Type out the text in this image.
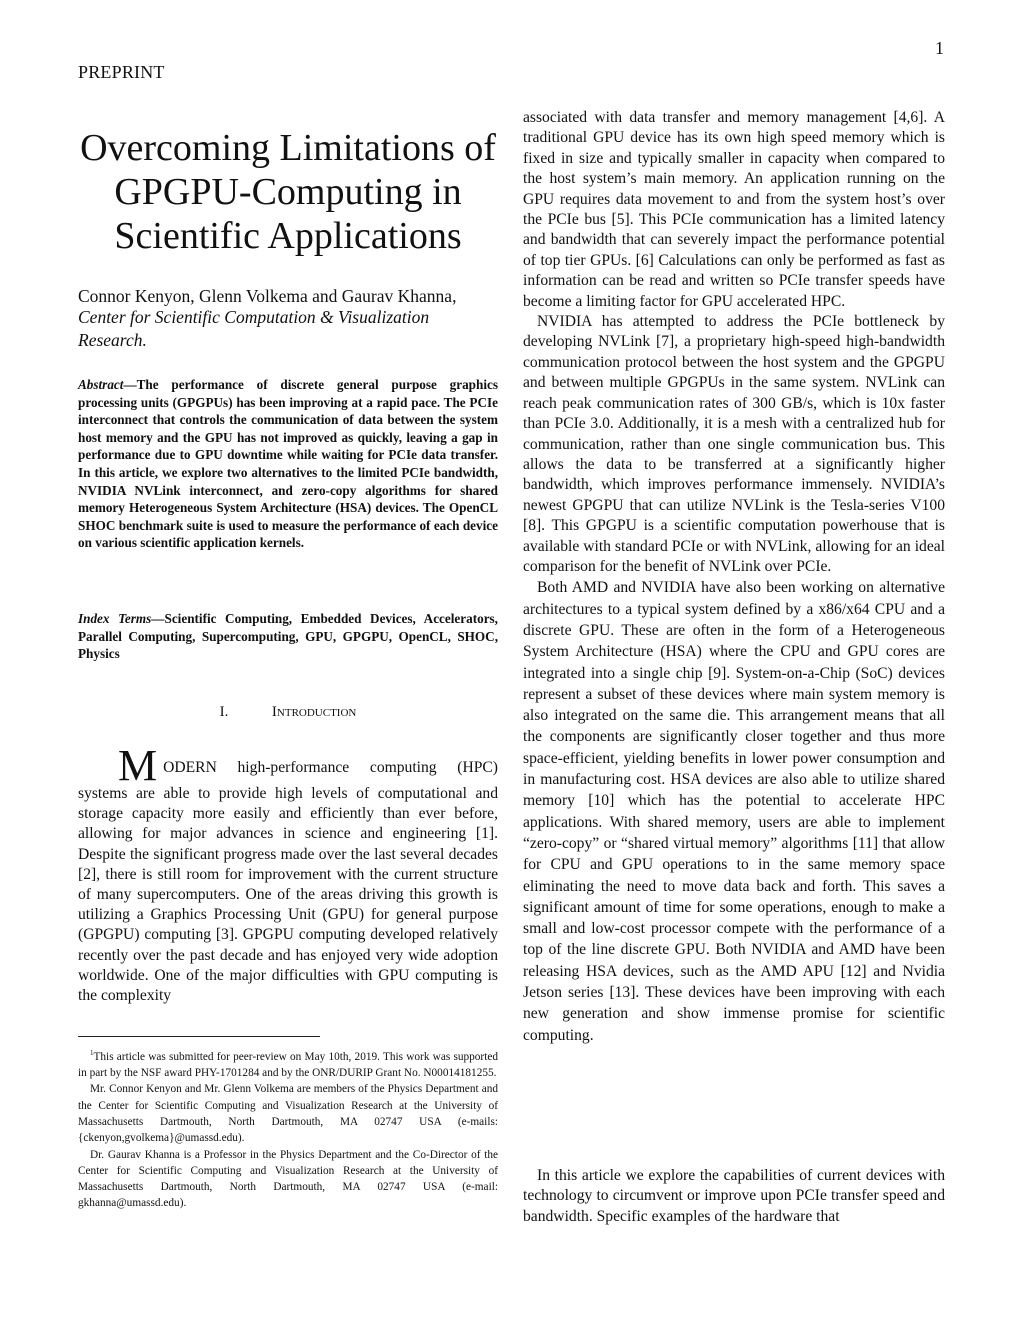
1
PREPRINT
Overcoming Limitations of GPGPU-Computing in Scientific Applications
Connor Kenyon, Glenn Volkema and Gaurav Khanna,
Center for Scientific Computation & Visualization Research.
Abstract—The performance of discrete general purpose graphics processing units (GPGPUs) has been improving at a rapid pace. The PCIe interconnect that controls the communication of data between the system host memory and the GPU has not improved as quickly, leaving a gap in performance due to GPU downtime while waiting for PCIe data transfer. In this article, we explore two alternatives to the limited PCIe bandwidth, NVIDIA NVLink interconnect, and zero-copy algorithms for shared memory Heterogeneous System Architecture (HSA) devices. The OpenCL SHOC benchmark suite is used to measure the performance of each device on various scientific application kernels.
Index Terms—Scientific Computing, Embedded Devices, Accelerators, Parallel Computing, Supercomputing, GPU, GPGPU, OpenCL, SHOC, Physics
I.	Introduction
M ODERN high-performance computing (HPC)
systems are able to provide high levels of computational and storage capacity more easily and efficiently than ever before, allowing for major advances in science and engineering [1]. Despite the significant progress made over the last several decades [2], there is still room for improvement with the current structure of many supercomputers. One of the areas driving this growth is utilizing a Graphics Processing Unit (GPU) for general purpose (GPGPU) computing [3]. GPGPU computing developed relatively recently over the past decade and has enjoyed very wide adoption worldwide. One of the major difficulties with GPU computing is the complexity

$^1$This article was submitted for peer-review on May 10th, 2019. This work was supported in part by the NSF award PHY-1701284 and by the ONR/DURIP Grant No. N00014181255.

Mr. Connor Kenyon and Mr. Glenn Volkema are members of the Physics Department and the Center for Scientific Computing and Visualization Research at the University of Massachusetts Dartmouth, North Dartmouth, MA 02747 USA (e-mails: {ckenyon,gvolkema}@umassd.edu).

Dr. Gaurav Khanna is a Professor in the Physics Department and the Co-Director of the Center for Scientific Computing and Visualization Research at the University of Massachusetts Dartmouth, North Dartmouth, MA 02747 USA (e-mail: gkhanna@umassd.edu).

associated with data transfer and memory management [4,6]. A traditional GPU device has its own high speed memory which is fixed in size and typically smaller in capacity when compared to the host system’s main memory. An application running on the GPU requires data movement to and from the system host’s over the PCIe bus [5]. This PCIe communication has a limited latency and bandwidth that can severely impact the performance potential of top tier GPUs. [6] Calculations can only be performed as fast as information can be read and written so PCIe transfer speeds have become a limiting factor for GPU accelerated HPC.

NVIDIA has attempted to address the PCIe bottleneck by developing NVLink [7], a proprietary high-speed high-bandwidth communication protocol between the host system and the GPGPU and between multiple GPGPUs in the same system. NVLink can reach peak communication rates of 300 GB/s, which is 10x faster than PCIe 3.0. Additionally, it is a mesh with a centralized hub for communication, rather than one single communication bus. This allows the data to be transferred at a significantly higher bandwidth, which improves performance immensely. NVIDIA’s newest GPGPU that can utilize NVLink is the Tesla-series V100 [8]. This GPGPU is a scientific computation powerhouse that is available with standard PCIe or with NVLink, allowing for an ideal comparison for the benefit of NVLink over PCIe.

Both AMD and NVIDIA have also been working on alternative architectures to a typical system defined by a x86/x64 CPU and a discrete GPU. These are often in the form of a Heterogeneous System Architecture (HSA) where the CPU and GPU cores are integrated into a single chip [9]. System-on-a-Chip (SoC) devices represent a subset of these devices where main system memory is also integrated on the same die. This arrangement means that all the components are significantly closer together and thus more space-efficient, yielding benefits in lower power consumption and in manufacturing cost. HSA devices are also able to utilize shared memory [10] which has the potential to accelerate HPC applications. With shared memory, users are able to implement “zero-copy” or “shared virtual memory” algorithms [11] that allow for CPU and GPU operations to in the same memory space eliminating the need to move data back and forth. This saves a significant amount of time for some operations, enough to make a small and low-cost processor compete with the performance of a top of the line discrete GPU. Both NVIDIA and AMD have been releasing HSA devices, such as the AMD APU [12] and Nvidia Jetson series [13]. These devices have been improving with each new generation and show immense promise for scientific computing.

In this article we explore the capabilities of current devices with technology to circumvent or improve upon PCIe transfer speed and bandwidth. Specific examples of the hardware that
